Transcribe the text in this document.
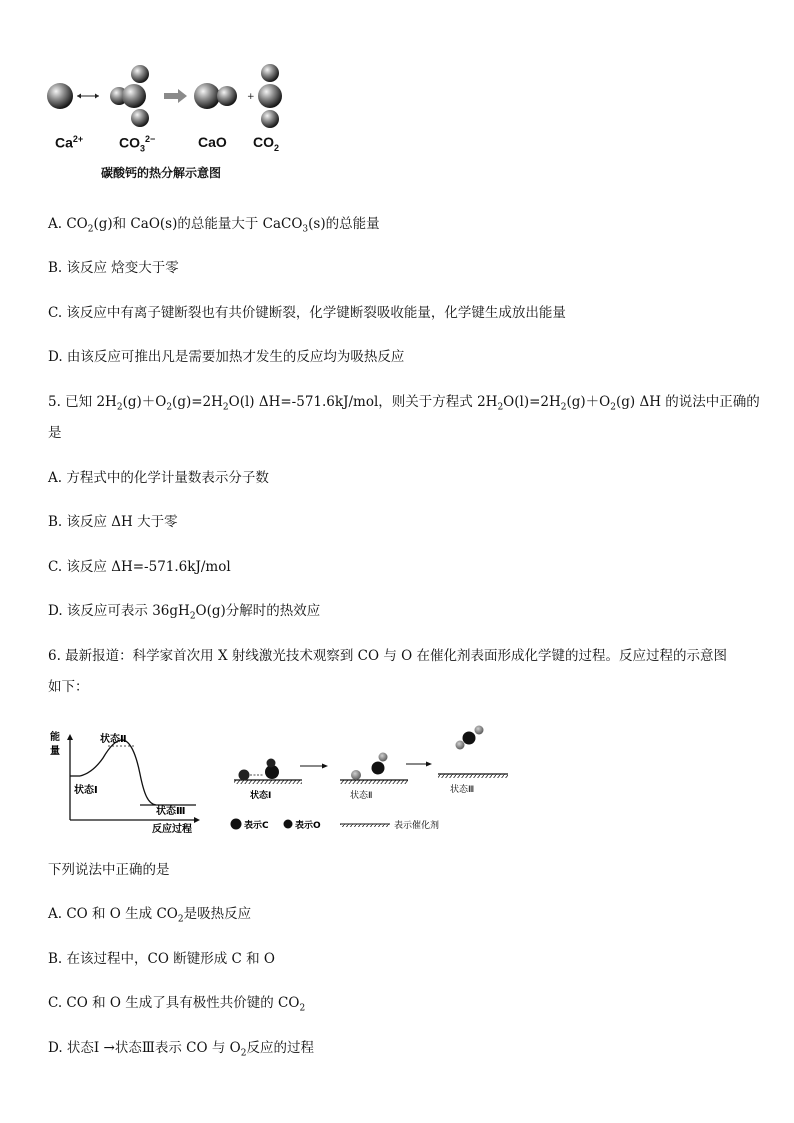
+
$Ca^{2+}$	$CO_3^{2-}$	CaO $CO_2$
碳酸钙的热分解示意图
A. $CO_2(g)$和 CaO(s)的总能量大于 CaCO$_3$(s)的总能量
B. 该反应 焓变大于零
C. 该反应中有离子键断裂也有共价键断裂，化学键断裂吸收能量，化学键生成放出能量
D. 由该反应可推出凡是需要加热才发生的反应均为吸热反应
5. 已知 $2H_2(g)+O_2(g)=2H_2O(l)$ ΔH=-571.6kJ/mol，则关于方程式 $2H_2O(l)=2H_2(g)+O_2(g)$ ΔH 的说法中正确的
是
A. 方程式中的化学计量数表示分子数
B. 该反应 ΔH 大于零
C. 该反应 ΔH=-571.6kJ/mol
D. 该反应可表示 $36gH_2O(g)$分解时的热效应
6. 最新报道：科学家首次用 X 射线激光技术观察到 CO 与 O 在催化剂表面形成化学键的过程。反应过程的示意图
如下：
能
量
状态Ⅰ
状态Ⅱ
状态Ⅲ
反应过程
状态Ⅰ	状态Ⅱ
状态Ⅲ
表示C	表示O	表示催化剂
下列说法中正确的是
A. CO 和 O 生成 $CO_2$是吸热反应
B. 在该过程中，CO 断键形成 C 和 O
C. CO 和 O 生成了具有极性共价键的 $CO_2$
D. 状态Ⅰ →状态Ⅲ表示 CO 与 $O_2$反应的过程
